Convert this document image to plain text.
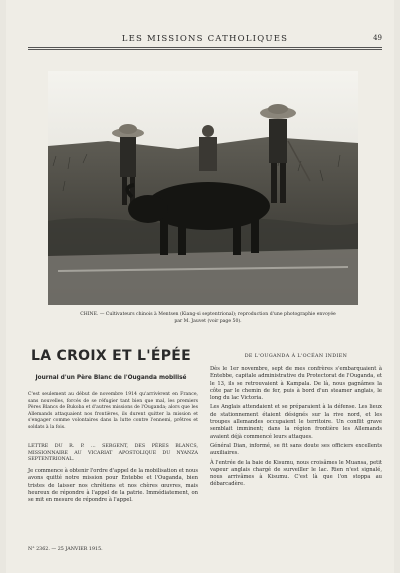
LES MISSIONS CATHOLIQUES	49
CHINE. — Cultivateurs chinois à Mentsen (Kiang-si septentrional); reproduction d'une photographie envoyée par M. Jauvet (voir page 50).
LA CROIX ET L'ÉPÉE
Journal d'un Père Blanc de l'Ouganda mobilisé
C'est seulement au début de novembre 1914 qu'arrivèrent en France, sans nouvelles, forcés de se réfugier tant bien que mal, les premiers Pères Blancs de Bukoba et d'autres missions de l'Ouganda; alors que les Allemands attaquaient nos frontières, ils durent quitter la mission et s'engager comme volontaires dans la lutte contre l'ennemi, prêtres et soldats à la fois.
LETTRE DU R. P. ... SERGENT, DES PÈRES BLANCS, MISSIONNAIRE AU VICARIAT APOSTOLIQUE DU NYANZA SEPTENTRIONAL.
Je commence à obtenir l'ordre d'appel de la mobilisation et nous avons quitté notre mission pour Entebbe et l'Ouganda, bien tristes de laisser nos chrétiens et nos chères œuvres, mais heureux de répondre à l'appel de la patrie. Immédiatement, on se mit en mesure de répondre à l'appel.
DE L'OUGANDA À L'OCÉAN INDIEN

Dès le 1er novembre, sept de mes confrères s'embarquaient à Entebbe, capitale administrative du Protectorat de l'Ouganda, et le 13, ils se retrouvaient à Kampala. De là, nous gagnâmes la côte par le chemin de fer, puis à bord d'un steamer anglais, le long du lac Victoria.

Les Anglais attendaient et se préparaient à la défense. Les lieux de stationnement étaient désignés sur la rive nord, et les troupes allemandes occupaient le territoire. Un conflit grave semblait imminent; dans la région frontière les Allemands avaient déjà commencé leurs attaques.

Général Dian, informé, se fit sans doute ses officiers excellents auxiliaires.

À l'entrée de la baie de Kisumu, nous croisâmes le Muansa, petit vapeur anglais chargé de surveiller le lac. Rien n'est signalé, nous arrivâmes à Kisumu. C'est là que l'on stoppa au débarcadère.

N° 2362. — 25 JANVIER 1915.
